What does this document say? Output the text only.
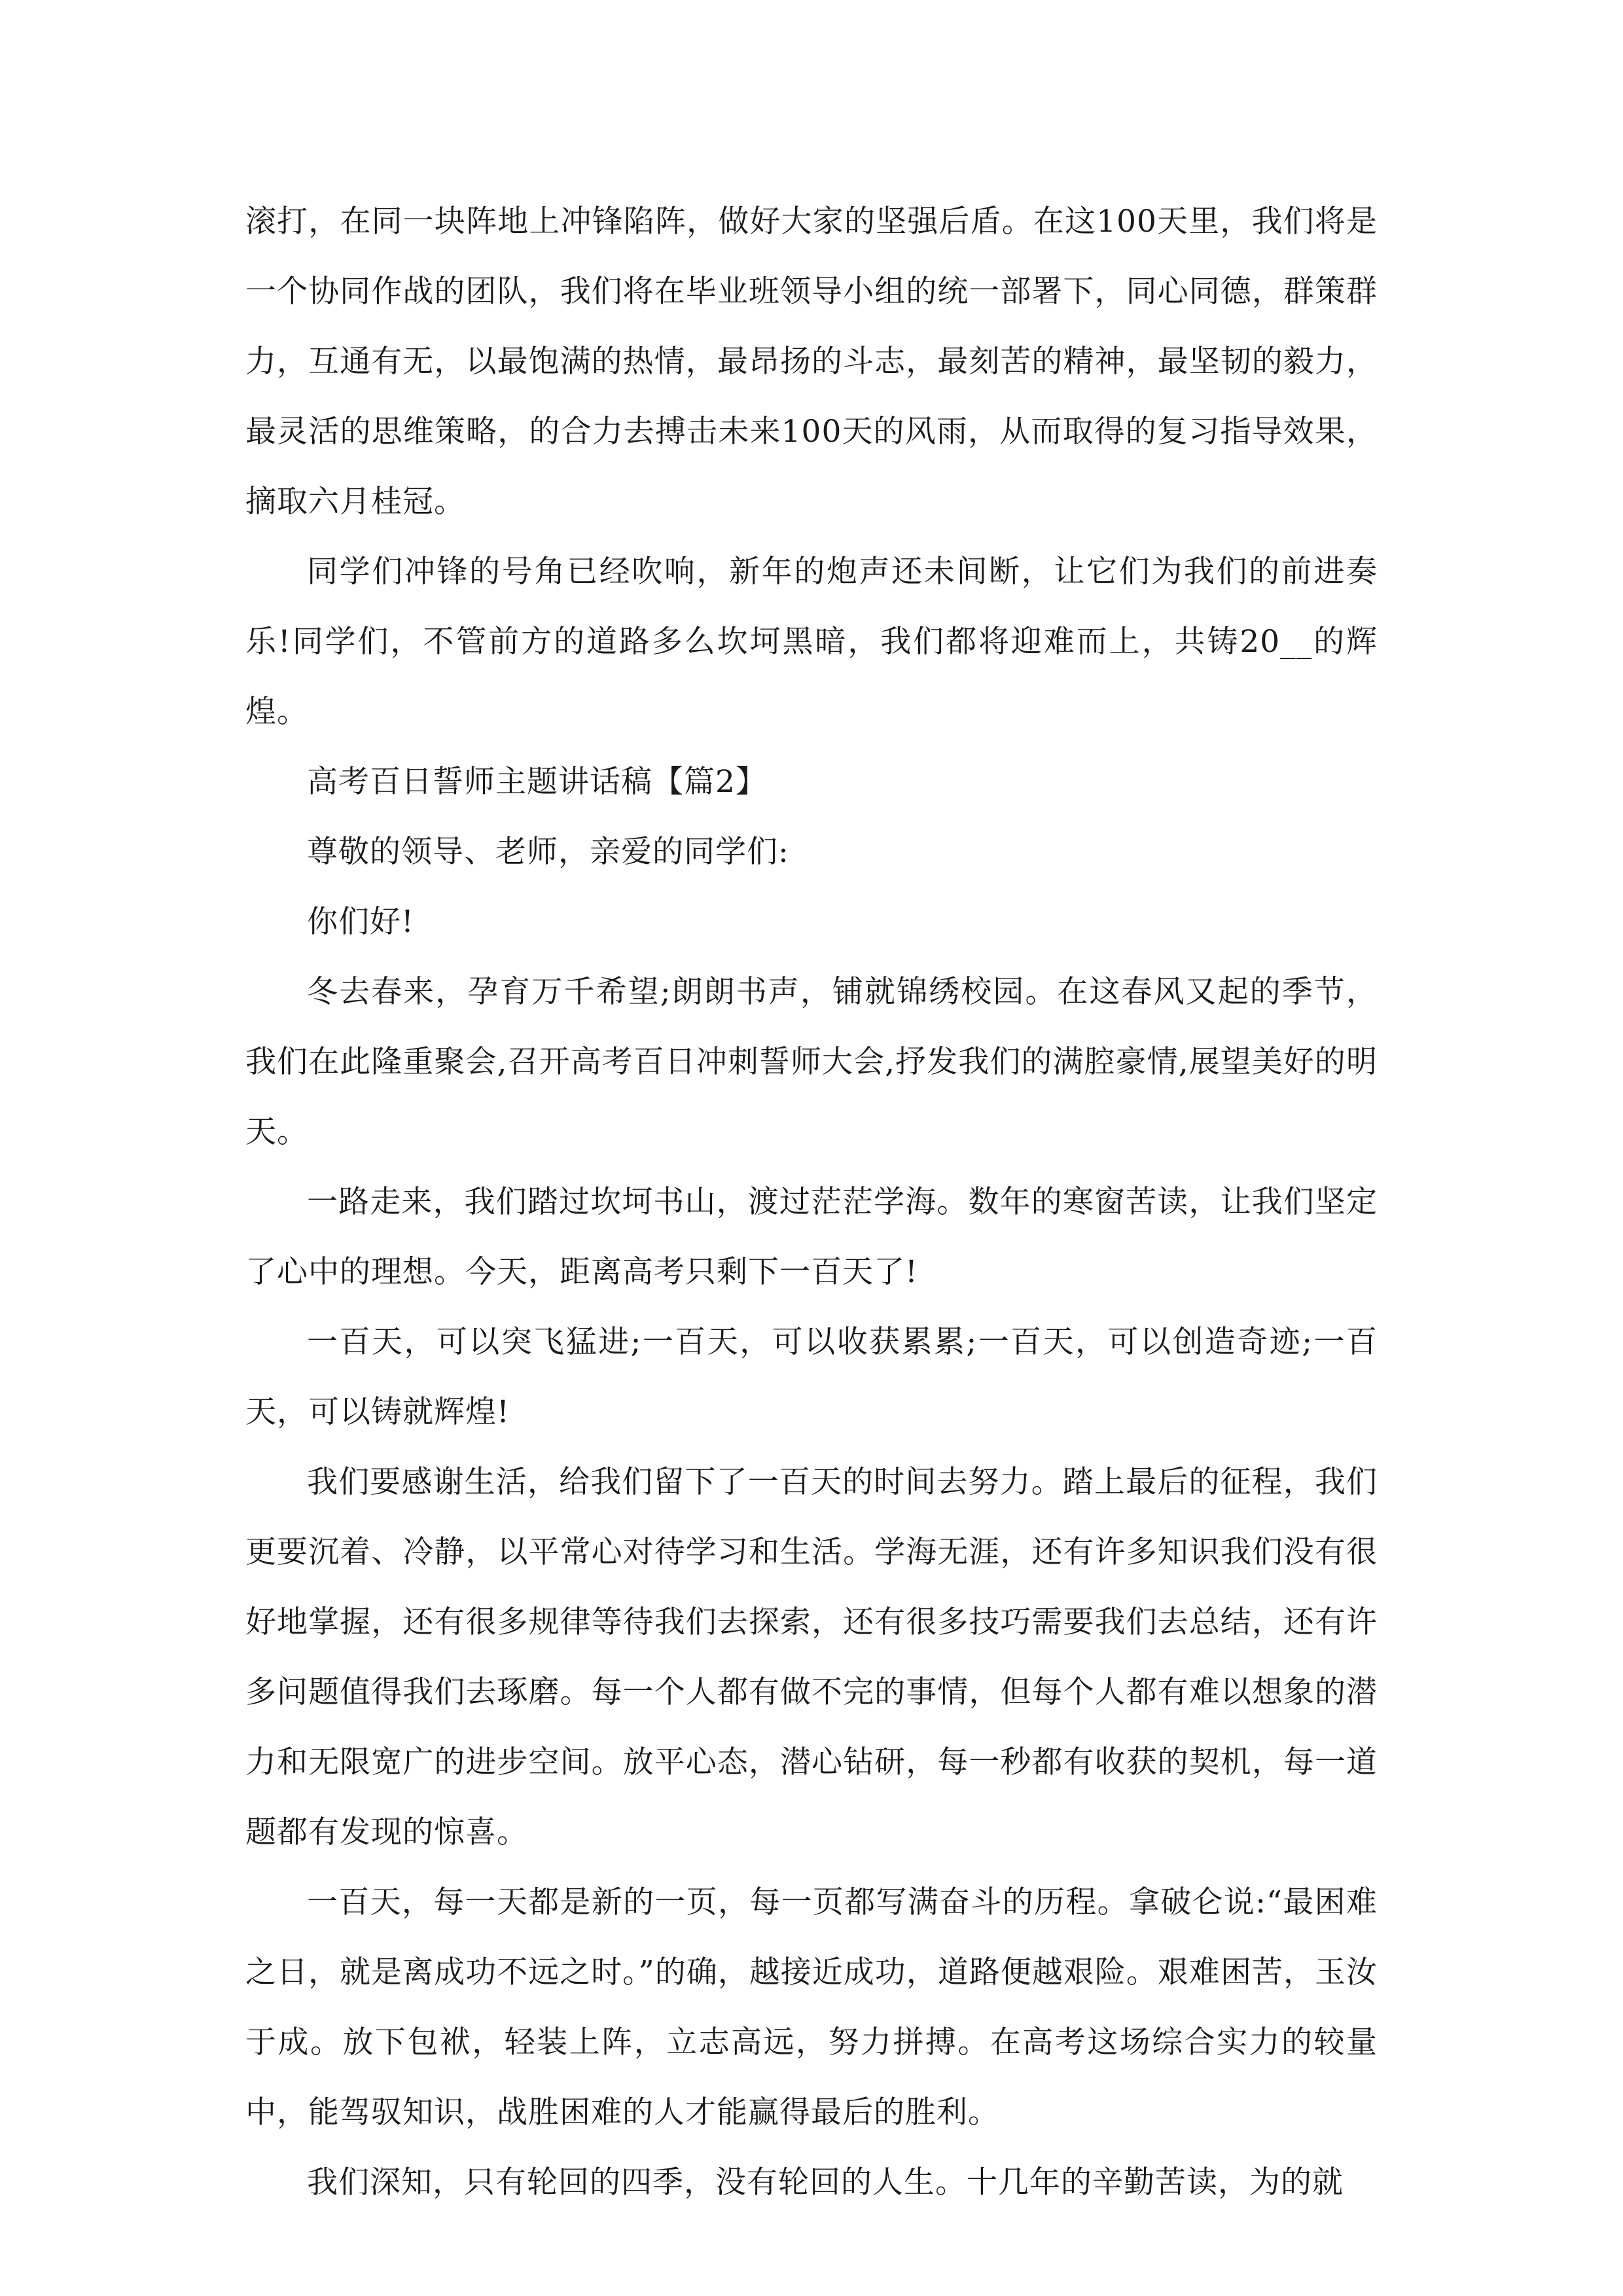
滚打，在同一块阵地上冲锋陷阵，做好大家的坚强后盾。在这100天里，我们将是一个协同作战的团队，我们将在毕业班领导小组的统一部署下，同心同德，群策群力，互通有无，以最饱满的热情，最昂扬的斗志，最刻苦的精神，最坚韧的毅力，最灵活的思维策略，的合力去搏击未来100天的风雨，从而取得的复习指导效果，摘取六月桂冠。

同学们冲锋的号角已经吹响，新年的炮声还未间断，让它们为我们的前进奏乐!同学们，不管前方的道路多么坎坷黑暗，我们都将迎难而上，共铸20__的辉煌。

高考百日誓师主题讲话稿【篇2】

尊敬的领导、老师，亲爱的同学们:

你们好!

冬去春来，孕育万千希望;朗朗书声，铺就锦绣校园。在这春风又起的季节，我们在此隆重聚会,召开高考百日冲刺誓师大会,抒发我们的满腔豪情,展望美好的明天。

一路走来，我们踏过坎坷书山，渡过茫茫学海。数年的寒窗苦读，让我们坚定了心中的理想。今天，距离高考只剩下一百天了!

一百天，可以突飞猛进;一百天，可以收获累累;一百天，可以创造奇迹;一百天，可以铸就辉煌!

我们要感谢生活，给我们留下了一百天的时间去努力。踏上最后的征程，我们更要沉着、冷静，以平常心对待学习和生活。学海无涯，还有许多知识我们没有很好地掌握，还有很多规律等待我们去探索，还有很多技巧需要我们去总结，还有许多问题值得我们去琢磨。每一个人都有做不完的事情，但每个人都有难以想象的潜力和无限宽广的进步空间。放平心态，潜心钻研，每一秒都有收获的契机，每一道题都有发现的惊喜。

一百天，每一天都是新的一页，每一页都写满奋斗的历程。拿破仑说:“最困难之日，就是离成功不远之时。”的确，越接近成功，道路便越艰险。艰难困苦，玉汝于成。放下包袱，轻装上阵，立志高远，努力拼搏。在高考这场综合实力的较量中，能驾驭知识，战胜困难的人才能赢得最后的胜利。

我们深知，只有轮回的四季，没有轮回的人生。十几年的辛勤苦读，为的就
